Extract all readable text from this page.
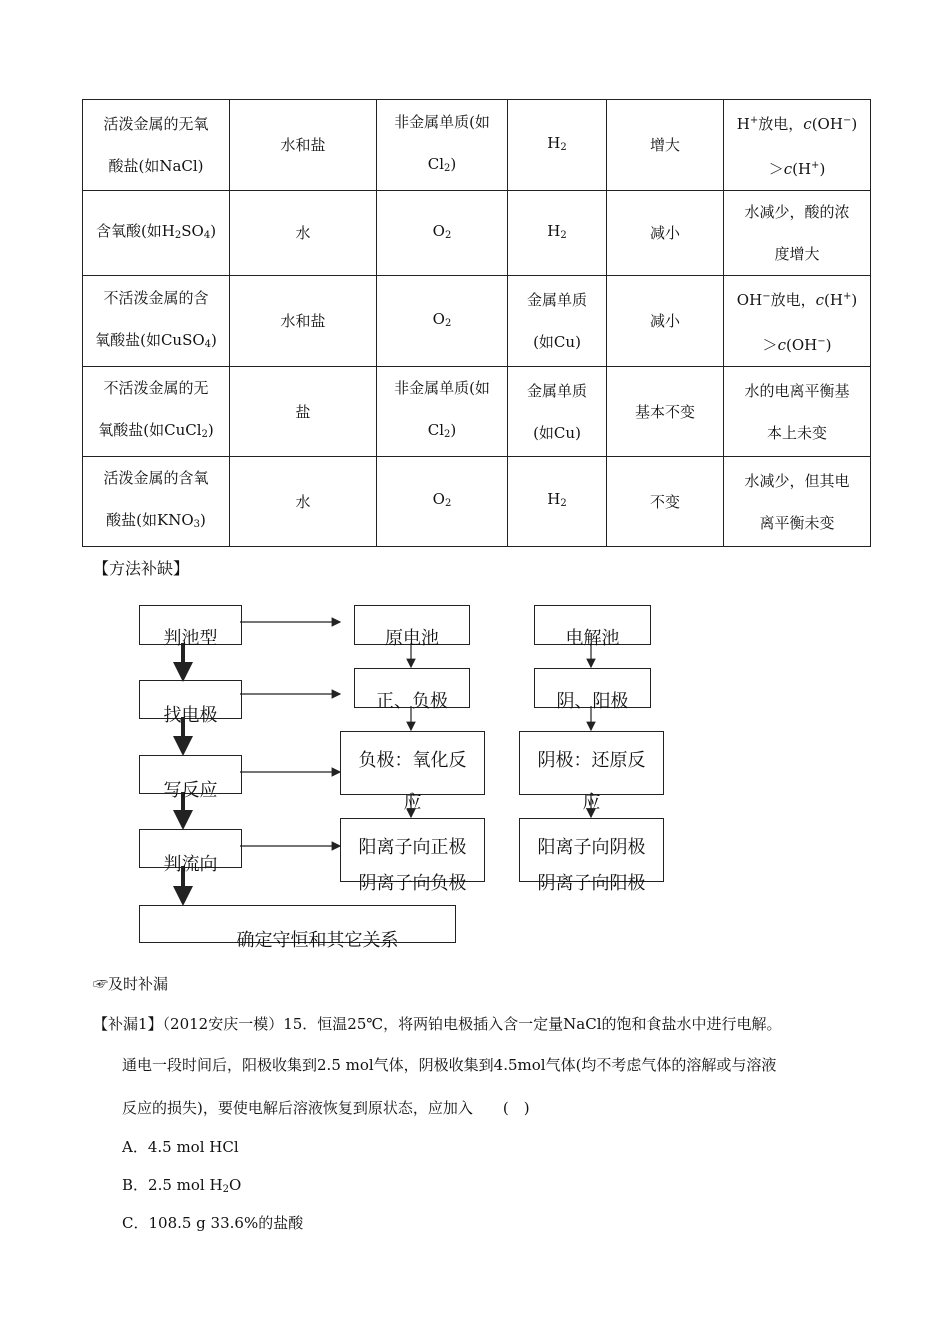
活泼金属的无氧
酸盐(如NaCl)	水和盐	非金属单质(如
$Cl_2$)	$H_2$	增大	H+放电，c(OH−)
＞c(H+)

含氧酸(如$H_2SO_4$)	水	$O_2$	$H_2$	减小	水减少，酸的浓
度增大

不活泼金属的含
氧酸盐(如CuSO$_4$)	水和盐	$O_2$	金属单质
(如Cu)	减小	OH−放电，c(H+)
＞c(OH−)

不活泼金属的无
氧酸盐(如CuCl$_2$)	盐	非金属单质(如
$Cl_2$)	金属单质
(如Cu)	基本不变	水的电离平衡基
本上未变

活泼金属的含氧
酸盐(如$KNO_3$)	水	$O_2$	$H_2$	不变	水减少，但其电
离平衡未变
【方法补缺】
判池型
找电极
写反应
判流向
确定守恒和其它关系
原电池
正、负极
负极：氧化反
应
阳离子向正极
阴离子向负极
电解池
阴、阳极
阴极：还原反
应
阳离子向阴极
阴离子向阳极
☞及时补漏
【补漏1】（2012安庆一模）15．恒温25℃，将两铂电极插入含一定量NaCl的饱和食盐水中进行电解。
通电一段时间后，阳极收集到2.5 mol气体，阴极收集到4.5mol气体(均不考虑气体的溶解或与溶液
反应的损失)，要使电解后溶液恢复到原状态，应加入　　(　)
A．4.5 mol HCl
B．2.5 mol $H_2O$
C．108.5 g 33.6%的盐酸
